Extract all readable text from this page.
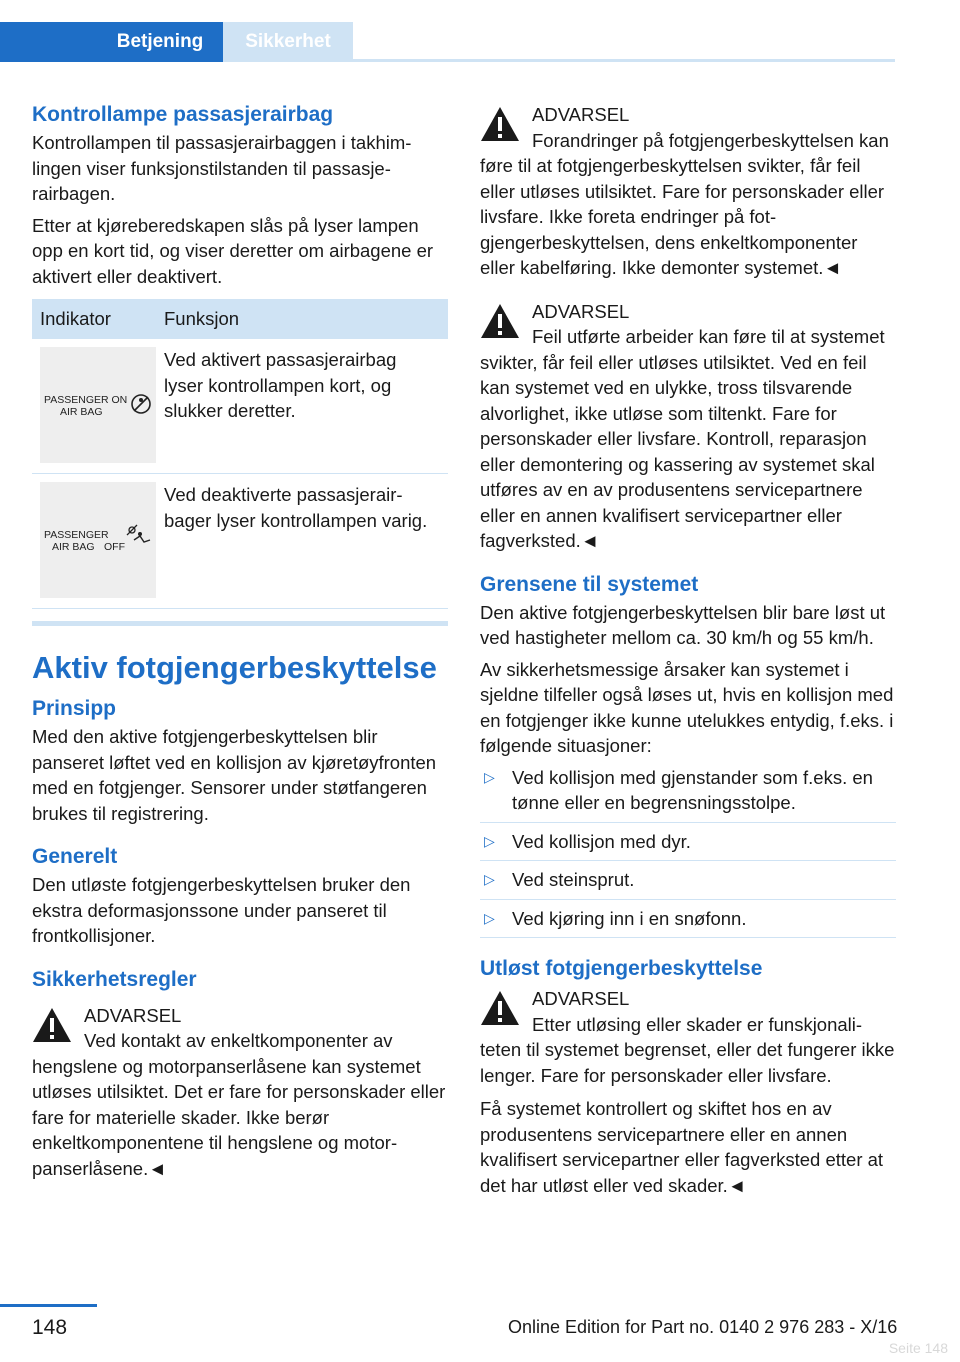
Betjening	Sikkerhet
Kontrollampe passasjerairbag

Kontrollampen til passasjerairbaggen i takhimlingen viser funksjonstilstanden til passasjerairbagen.

Etter at kjøreberedskapen slås på lyser lampen opp en kort tid, og viser deretter om airbagene er aktivert eller deaktivert.

Indikator	Funksjon

PASSENGER ON
AIR BAG	Ved aktivert passasjerairbag lyser kontrollampen kort, og slukker deretter.

PASSENGER
AIR BAG OFF	Ved deaktiverte passasjerairbager lyser kontrollampen varig.
Aktiv fotgjengerbeskyttelse
Prinsipp

Med den aktive fotgjengerbeskyttelsen blir panseret løftet ved en kollisjon av kjøretøyfronten med en fotgjenger. Sensorer under støtfangeren brukes til registrering.

Generelt

Den utløste fotgjengerbeskyttelsen bruker den ekstra deformasjonssone under panseret til frontkollisjoner.

Sikkerhetsregler
ADVARSEL

Ved kontakt av enkeltkomponenter av hengslene og motorpanserlåsene kan systemet utløses utilsiktet. Det er fare for personskader eller fare for materielle skader. Ikke berør enkeltkomponentene til hengslene og motorpanserlåsene.◄

ADVARSEL

Forandringer på fotgjengerbeskyttelsen kan føre til at fotgjengerbeskyttelsen svikter, får feil eller utløses utilsiktet. Fare for personskader eller livsfare. Ikke foreta endringer på fotgjengerbeskyttelsen, dens enkeltkomponenter eller kabelføring. Ikke demonter systemet.◄

ADVARSEL

Feil utførte arbeider kan føre til at systemet svikter, får feil eller utløses utilsiktet. Ved en feil kan systemet ved en ulykke, tross tilsvarende alvorlighet, ikke utløse som tiltenkt. Fare for personskader eller livsfare. Kontroll, reparasjon eller demontering og kassering av systemet skal utføres av en av produsentens servicepartnere eller en annen kvalifisert servicepartner eller fagverksted.◄

Grensene til systemet

Den aktive fotgjengerbeskyttelsen blir bare løst ut ved hastigheter mellom ca. 30 km/h og 55 km/h.

Av sikkerhetsmessige årsaker kan systemet i sjeldne tilfeller også løses ut, hvis en kollisjon med en fotgjenger ikke kunne utelukkes entydig, f.eks. i følgende situasjoner:

▷ Ved kollisjon med gjenstander som f.eks. en tønne eller en begrensningsstolpe.
▷ Ved kollisjon med dyr.
▷ Ved steinsprut.
▷ Ved kjøring inn i en snøfonn.
Utløst fotgjengerbeskyttelse
ADVARSEL

Etter utløsing eller skader er funskjonaliteten til systemet begrenset, eller det fungerer ikke lenger. Fare for personskader eller livsfare.

Få systemet kontrollert og skiftet hos en av produsentens servicepartnere eller en annen kvalifisert servicepartner eller fagverksted etter at det har utløst eller ved skader.◄

148	Online Edition for Part no. 0140 2 976 283 - X/16
Seite 148
